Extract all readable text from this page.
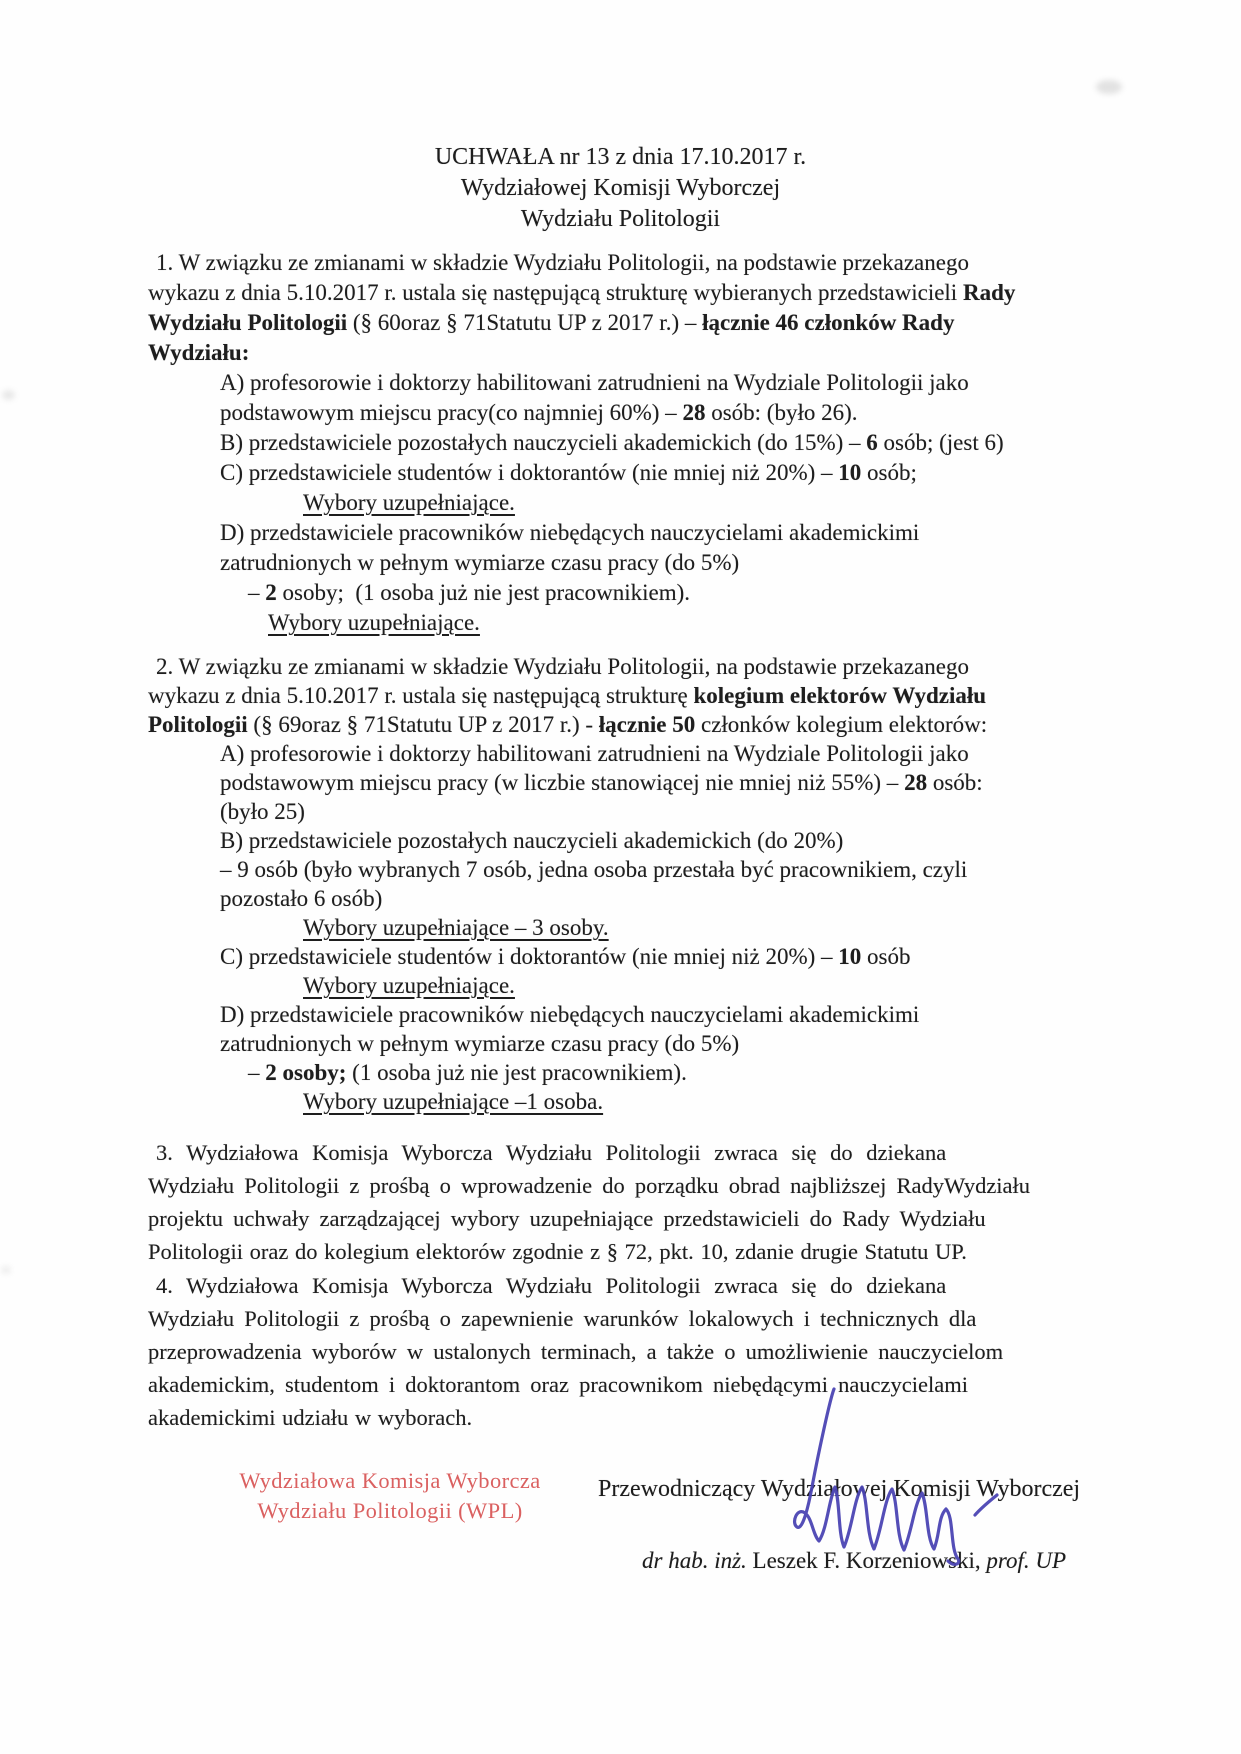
UCHWAŁA nr 13 z dnia 17.10.2017 r.
Wydziałowej Komisji Wyborczej
Wydziału Politologii
1. W związku ze zmianami w składzie Wydziału Politologii, na podstawie przekazanego
wykazu z dnia 5.10.2017 r. ustala się następującą strukturę wybieranych przedstawicieli Rady
Wydziału Politologii (§ 60oraz § 71Statutu UP z 2017 r.) – łącznie 46 członków Rady
Wydziału:
A) profesorowie i doktorzy habilitowani zatrudnieni na Wydziale Politologii jako
podstawowym miejscu pracy(co najmniej 60%) – 28 osób: (było 26).
B) przedstawiciele pozostałych nauczycieli akademickich (do 15%) – 6 osób; (jest 6)
C) przedstawiciele studentów i doktorantów (nie mniej niż 20%) – 10 osób;
Wybory uzupełniające.
D) przedstawiciele pracowników niebędących nauczycielami akademickimi
zatrudnionych w pełnym wymiarze czasu pracy (do 5%)
– 2 osoby;  (1 osoba już nie jest pracownikiem).
Wybory uzupełniające.
2. W związku ze zmianami w składzie Wydziału Politologii, na podstawie przekazanego
wykazu z dnia 5.10.2017 r. ustala się następującą strukturę kolegium elektorów Wydziału
Politologii (§ 69oraz § 71Statutu UP z 2017 r.) - łącznie 50 członków kolegium elektorów:
A) profesorowie i doktorzy habilitowani zatrudnieni na Wydziale Politologii jako
podstawowym miejscu pracy (w liczbie stanowiącej nie mniej niż 55%) – 28 osób:
(było 25)
B) przedstawiciele pozostałych nauczycieli akademickich (do 20%)
– 9 osób (było wybranych 7 osób, jedna osoba przestała być pracownikiem, czyli
pozostało 6 osób)
Wybory uzupełniające – 3 osoby.
C) przedstawiciele studentów i doktorantów (nie mniej niż 20%) – 10 osób
Wybory uzupełniające.
D) przedstawiciele pracowników niebędących nauczycielami akademickimi
zatrudnionych w pełnym wymiarze czasu pracy (do 5%)
– 2 osoby; (1 osoba już nie jest pracownikiem).
Wybory uzupełniające –1 osoba.
3. Wydziałowa Komisja Wyborcza Wydziału Politologii zwraca się do dziekana
Wydziału Politologii z prośbą o wprowadzenie do porządku obrad najbliższej RadyWydziału
projektu uchwały zarządzającej wybory uzupełniające przedstawicieli do Rady Wydziału
Politologii oraz do kolegium elektorów zgodnie z § 72, pkt. 10, zdanie drugie Statutu UP.
4. Wydziałowa Komisja Wyborcza Wydziału Politologii zwraca się do dziekana
Wydziału Politologii z prośbą o zapewnienie warunków lokalowych i technicznych dla
przeprowadzenia wyborów w ustalonych terminach, a także o umożliwienie nauczycielom
akademickim, studentom i doktorantom oraz pracownikom niebędącymi nauczycielami
akademickimi udziału w wyborach.
Wydziałowa Komisja Wyborcza
Wydziału Politologii (WPL)
Przewodniczący Wydziałowej Komisji Wyborczej
dr hab. inż. Leszek F. Korzeniowski, prof. UP
